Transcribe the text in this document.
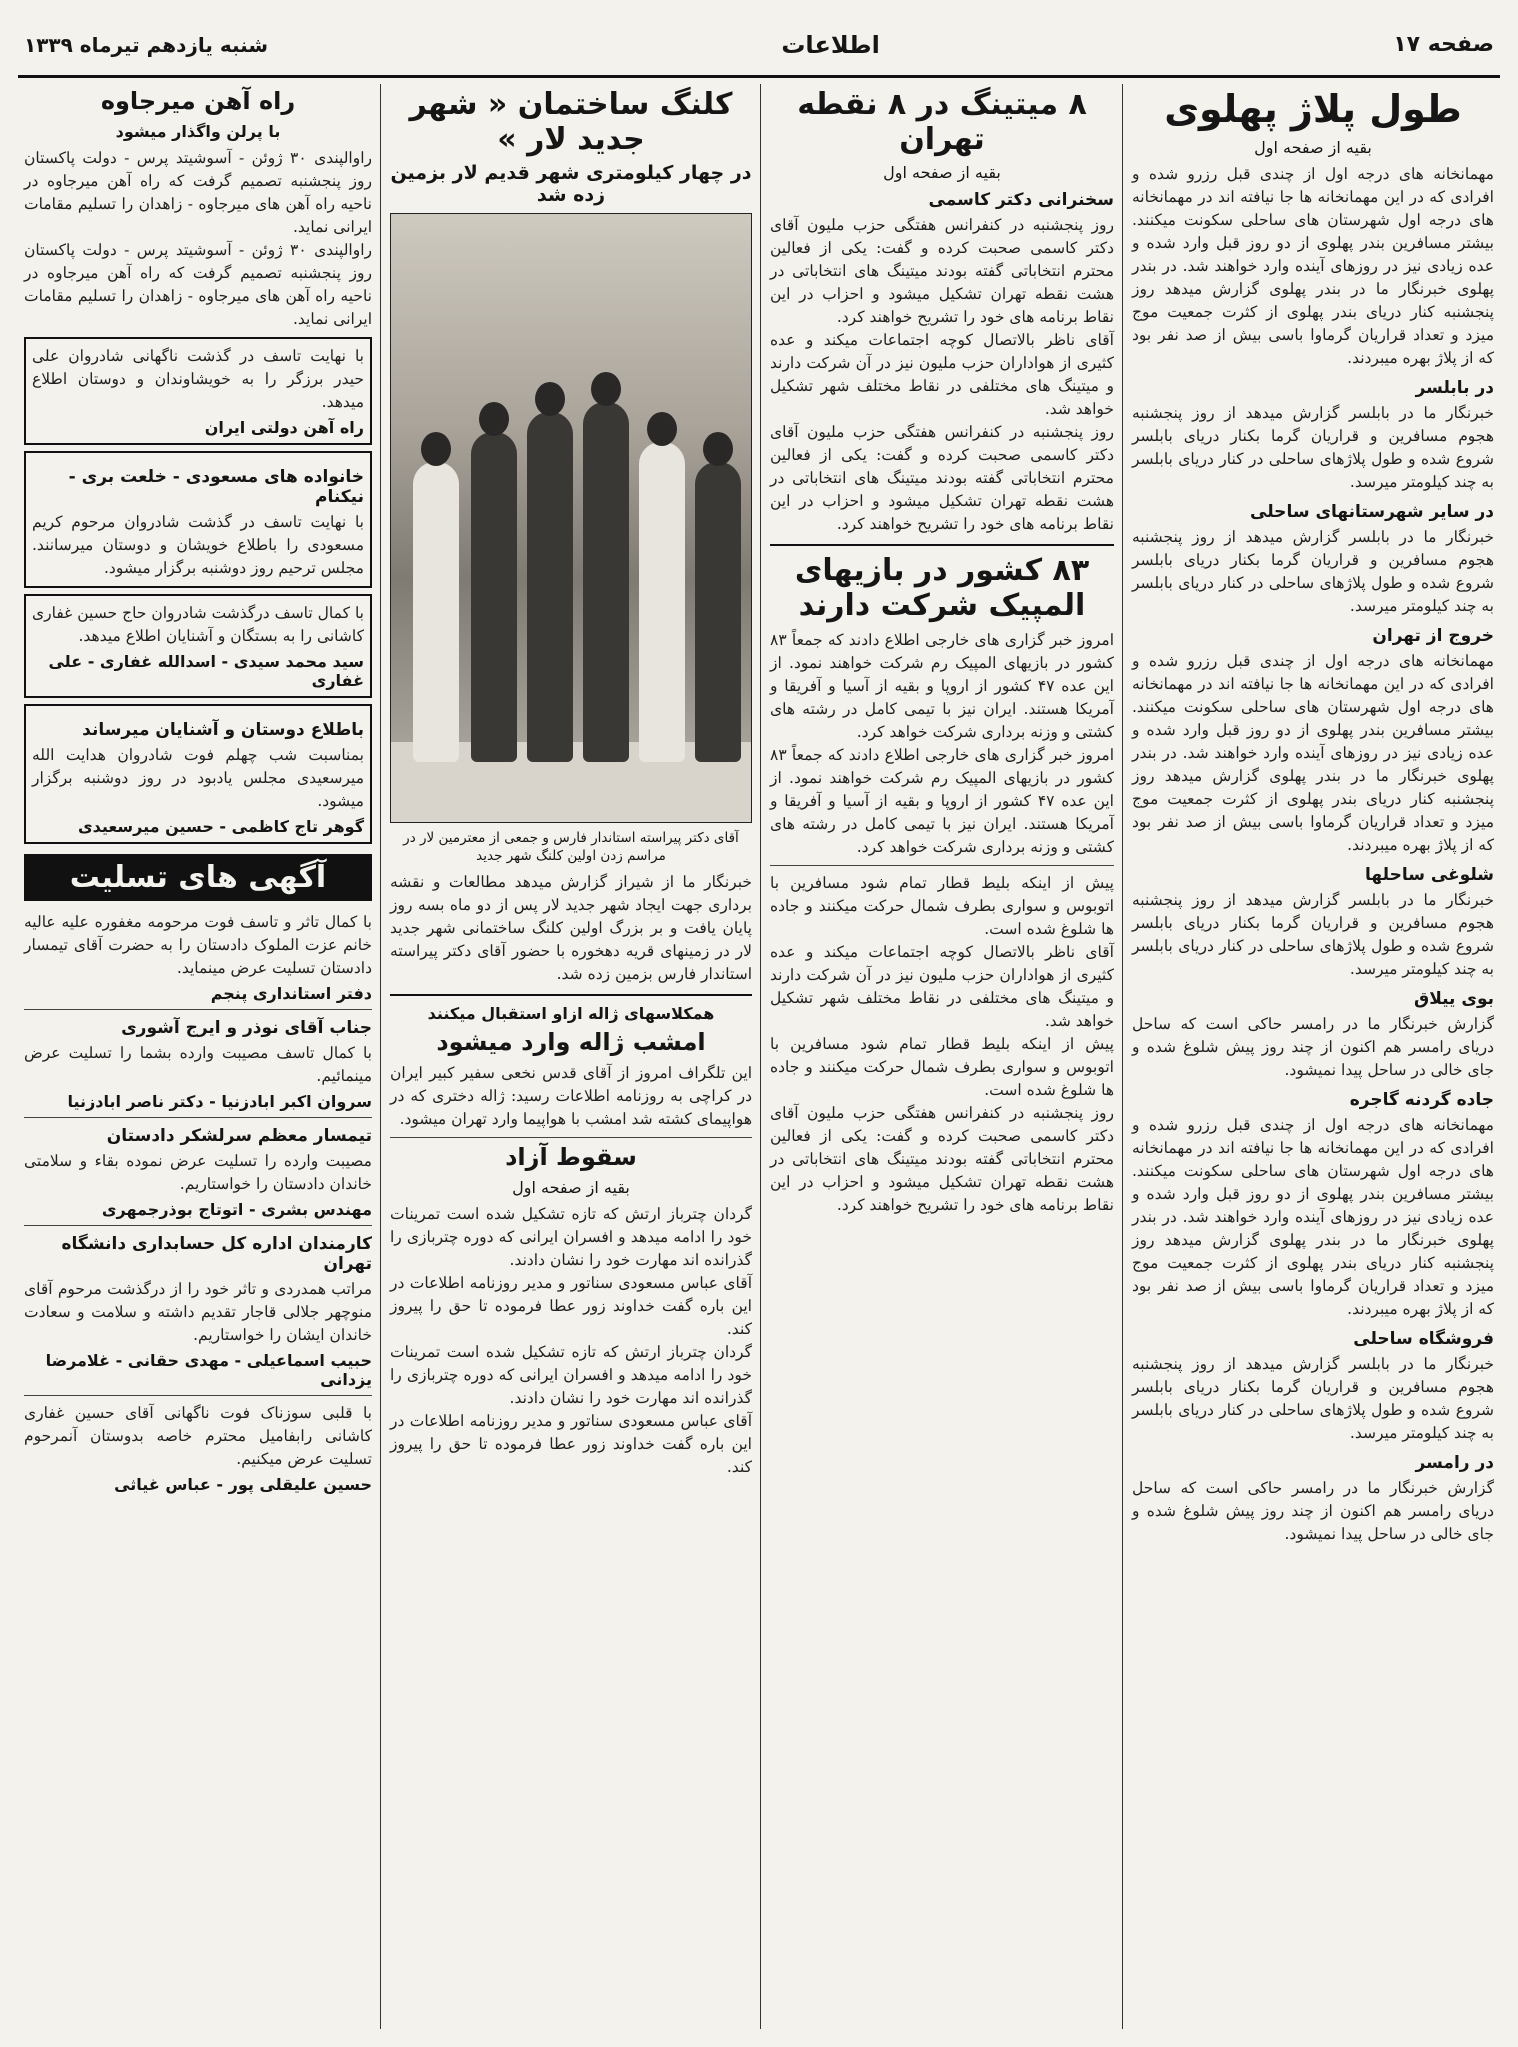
صفحه ۱۷
اطلاعات
شنبه یازدهم تیرماه ۱۳۳۹
طول پلاژ پهلوی
بقیه از صفحه اول

مهمانخانه های درجه اول از چندی قبل رزرو شده و افرادی که در این مهمانخانه ها جا نیافته اند در مهمانخانه های درجه اول شهرستان های ساحلی سکونت میکنند. بیشتر مسافرین بندر پهلوی از دو روز قبل وارد شده و عده زیادی نیز در روزهای آینده وارد خواهند شد. در بندر پهلوی خبرنگار ما در بندر پهلوی گزارش میدهد روز پنجشنبه کنار دریای بندر پهلوی از کثرت جمعیت موج میزد و تعداد قراریان گرماوا باسی بیش از صد نفر بود که از پلاژ بهره میبردند.

در بابلسر

خبرنگار ما در بابلسر گزارش میدهد از روز پنجشنبه هجوم مسافرین و قراریان گرما بکنار دریای بابلسر شروع شده و طول پلاژهای ساحلی در کنار دریای بابلسر به چند کیلومتر میرسد.

در سایر شهرستانهای ساحلی

خبرنگار ما در بابلسر گزارش میدهد از روز پنجشنبه هجوم مسافرین و قراریان گرما بکنار دریای بابلسر شروع شده و طول پلاژهای ساحلی در کنار دریای بابلسر به چند کیلومتر میرسد.

خروج از تهران

مهمانخانه های درجه اول از چندی قبل رزرو شده و افرادی که در این مهمانخانه ها جا نیافته اند در مهمانخانه های درجه اول شهرستان های ساحلی سکونت میکنند. بیشتر مسافرین بندر پهلوی از دو روز قبل وارد شده و عده زیادی نیز در روزهای آینده وارد خواهند شد. در بندر پهلوی خبرنگار ما در بندر پهلوی گزارش میدهد روز پنجشنبه کنار دریای بندر پهلوی از کثرت جمعیت موج میزد و تعداد قراریان گرماوا باسی بیش از صد نفر بود که از پلاژ بهره میبردند.

شلوغی ساحلها

خبرنگار ما در بابلسر گزارش میدهد از روز پنجشنبه هجوم مسافرین و قراریان گرما بکنار دریای بابلسر شروع شده و طول پلاژهای ساحلی در کنار دریای بابلسر به چند کیلومتر میرسد.

بوی ییلاق

گزارش خبرنگار ما در رامسر حاکی است که ساحل دریای رامسر هم اکنون از چند روز پیش شلوغ شده و جای خالی در ساحل پیدا نمیشود.

جاده گردنه گاجره

مهمانخانه های درجه اول از چندی قبل رزرو شده و افرادی که در این مهمانخانه ها جا نیافته اند در مهمانخانه های درجه اول شهرستان های ساحلی سکونت میکنند. بیشتر مسافرین بندر پهلوی از دو روز قبل وارد شده و عده زیادی نیز در روزهای آینده وارد خواهند شد. در بندر پهلوی خبرنگار ما در بندر پهلوی گزارش میدهد روز پنجشنبه کنار دریای بندر پهلوی از کثرت جمعیت موج میزد و تعداد قراریان گرماوا باسی بیش از صد نفر بود که از پلاژ بهره میبردند.

فروشگاه ساحلی

خبرنگار ما در بابلسر گزارش میدهد از روز پنجشنبه هجوم مسافرین و قراریان گرما بکنار دریای بابلسر شروع شده و طول پلاژهای ساحلی در کنار دریای بابلسر به چند کیلومتر میرسد.

در رامسر

گزارش خبرنگار ما در رامسر حاکی است که ساحل دریای رامسر هم اکنون از چند روز پیش شلوغ شده و جای خالی در ساحل پیدا نمیشود.

۸ میتینگ در ۸ نقطه تهران
بقیه از صفحه اول
سخنرانی دکتر کاسمی

روز پنجشنبه در کنفرانس هفتگی حزب ملیون آقای دکتر کاسمی صحبت کرده و گفت: یکی از فعالین محترم انتخاباتی گفته بودند میتینگ های انتخاباتی در هشت نقطه تهران تشکیل میشود و احزاب در این نقاط برنامه های خود را تشریح خواهند کرد.

آقای ناظر بالاتصال کوچه اجتماعات میکند و عده کثیری از هواداران حزب ملیون نیز در آن شرکت دارند و میتینگ های مختلفی در نقاط مختلف شهر تشکیل خواهد شد.

روز پنجشنبه در کنفرانس هفتگی حزب ملیون آقای دکتر کاسمی صحبت کرده و گفت: یکی از فعالین محترم انتخاباتی گفته بودند میتینگ های انتخاباتی در هشت نقطه تهران تشکیل میشود و احزاب در این نقاط برنامه های خود را تشریح خواهند کرد.

۸۳ کشور در بازیهای المپیک شرکت دارند

امروز خبر گزاری های خارجی اطلاع دادند که جمعاً ۸۳ کشور در بازیهای المپیک رم شرکت خواهند نمود. از این عده ۴۷ کشور از اروپا و بقیه از آسیا و آفریقا و آمریکا هستند. ایران نیز با تیمی کامل در رشته های کشتی و وزنه برداری شرکت خواهد کرد.

امروز خبر گزاری های خارجی اطلاع دادند که جمعاً ۸۳ کشور در بازیهای المپیک رم شرکت خواهند نمود. از این عده ۴۷ کشور از اروپا و بقیه از آسیا و آفریقا و آمریکا هستند. ایران نیز با تیمی کامل در رشته های کشتی و وزنه برداری شرکت خواهد کرد.

پیش از اینکه بلیط قطار تمام شود مسافرین با اتوبوس و سواری بطرف شمال حرکت میکنند و جاده ها شلوغ شده است.

آقای ناظر بالاتصال کوچه اجتماعات میکند و عده کثیری از هواداران حزب ملیون نیز در آن شرکت دارند و میتینگ های مختلفی در نقاط مختلف شهر تشکیل خواهد شد.

پیش از اینکه بلیط قطار تمام شود مسافرین با اتوبوس و سواری بطرف شمال حرکت میکنند و جاده ها شلوغ شده است.

روز پنجشنبه در کنفرانس هفتگی حزب ملیون آقای دکتر کاسمی صحبت کرده و گفت: یکی از فعالین محترم انتخاباتی گفته بودند میتینگ های انتخاباتی در هشت نقطه تهران تشکیل میشود و احزاب در این نقاط برنامه های خود را تشریح خواهند کرد.

کلنگ ساختمان « شهر جدید لار »
در چهار کیلومتری شهر قدیم لار بزمین زده شد
آقای دکتر پیراسته استاندار فارس و جمعی از معترمین لار در مراسم زدن اولین کلنگ شهر جدید

خبرنگار ما از شیراز گزارش میدهد مطالعات و نقشه برداری جهت ایجاد شهر جدید لار پس از دو ماه بسه روز پایان یافت و بر بزرگ اولین کلنگ ساختمانی شهر جدید لار در زمینهای قریه دهخوره با حضور آقای دکتر پیراسته استاندار فارس بزمین زده شد.

همکلاسهای ژاله ازاو استقبال میکنند
امشب ژاله وارد میشود

این تلگراف امروز از آقای قدس نخعی سفیر کبیر ایران در کراچی به روزنامه اطلاعات رسید: ژاله دختری که در هواپیمای کشته شد امشب با هواپیما وارد تهران میشود.

سقوط آزاد
بقیه از صفحه اول

گردان چترباز ارتش که تازه تشکیل شده است تمرینات خود را ادامه میدهد و افسران ایرانی که دوره چتربازی را گذرانده اند مهارت خود را نشان دادند.

آقای عباس مسعودی سناتور و مدیر روزنامه اطلاعات در این باره گفت خداوند زور عطا فرموده تا حق را پیروز کند.

گردان چترباز ارتش که تازه تشکیل شده است تمرینات خود را ادامه میدهد و افسران ایرانی که دوره چتربازی را گذرانده اند مهارت خود را نشان دادند.

آقای عباس مسعودی سناتور و مدیر روزنامه اطلاعات در این باره گفت خداوند زور عطا فرموده تا حق را پیروز کند.

راه آهن میرجاوه
با پرلن واگذار میشود

راوالپندی ۳۰ ژوئن - آسوشیتد پرس - دولت پاکستان روز پنجشنبه تصمیم گرفت که راه آهن میرجاوه در ناحیه راه آهن های میرجاوه - زاهدان را تسلیم مقامات ایرانی نماید.

راوالپندی ۳۰ ژوئن - آسوشیتد پرس - دولت پاکستان روز پنجشنبه تصمیم گرفت که راه آهن میرجاوه در ناحیه راه آهن های میرجاوه - زاهدان را تسلیم مقامات ایرانی نماید.

با نهایت تاسف در گذشت ناگهانی شادروان علی حیدر برزگر را به خویشاوندان و دوستان اطلاع میدهد.

راه آهن دولتی ایران
خانواده های مسعودی - خلعت بری - نیکنام

با نهایت تاسف در گذشت شادروان مرحوم کریم مسعودی را باطلاع خویشان و دوستان میرسانند. مجلس ترحیم روز دوشنبه برگزار میشود.

با کمال تاسف درگذشت شادروان حاج حسین غفاری کاشانی را به بستگان و آشنایان اطلاع میدهد.

سید محمد سیدی - اسدالله غفاری - علی غفاری
باطلاع دوستان و آشنایان میرساند

بمناسبت شب چهلم فوت شادروان هدایت الله میرسعیدی مجلس یادبود در روز دوشنبه برگزار میشود.

گوهر تاج کاظمی - حسین میرسعیدی
آگهی های تسلیت

با کمال تاثر و تاسف فوت مرحومه مغفوره علیه عالیه خانم عزت الملوک دادستان را به حضرت آقای تیمسار دادستان تسلیت عرض مینماید.

دفتر استانداری پنجم
جناب آقای نوذر و ایرج آشوری

با کمال تاسف مصیبت وارده بشما را تسلیت عرض مینمائیم.

سروان اکبر ابادزنیا - دکتر ناصر ابادزنیا
تیمسار معظم سرلشکر دادستان

مصیبت وارده را تسلیت عرض نموده بقاء و سلامتی خاندان دادستان را خواستاریم.

مهندس بشری - اتوتاج بوذرجمهری
کارمندان اداره کل حسابداری دانشگاه تهران

مراتب همدردی و تاثر خود را از درگذشت مرحوم آقای منوچهر جلالی قاجار تقدیم داشته و سلامت و سعادت خاندان ایشان را خواستاریم.

حبیب اسماعیلی - مهدی حقانی - غلامرضا یزدانی

با قلبی سوزناک فوت ناگهانی آقای حسین غفاری کاشانی رابفامیل محترم خاصه بدوستان آنمرحوم تسلیت عرض میکنیم.

حسین علیقلی پور - عباس غیاثی
